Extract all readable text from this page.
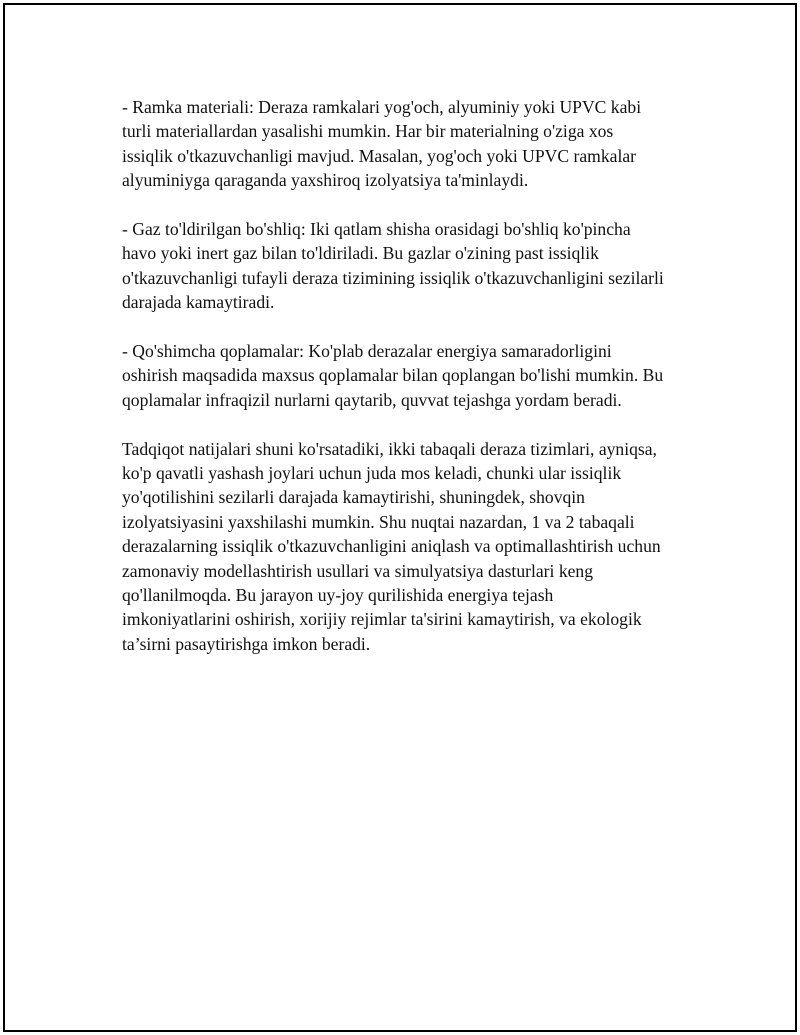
- Ramka materiali: Deraza ramkalari yog'och, alyuminiy yoki UPVC kabi
turli materiallardan yasalishi mumkin. Har bir materialning o'ziga xos
issiqlik o'tkazuvchanligi mavjud. Masalan, yog'och yoki UPVC ramkalar
alyuminiyga qaraganda yaxshiroq izolyatsiya ta'minlaydi.

- Gaz to'ldirilgan bo'shliq: Iki qatlam shisha orasidagi bo'shliq ko'pincha
havo yoki inert gaz bilan to'ldiriladi. Bu gazlar o'zining past issiqlik
o'tkazuvchanligi tufayli deraza tizimining issiqlik o'tkazuvchanligini sezilarli
darajada kamaytiradi.

- Qo'shimcha qoplamalar: Ko'plab derazalar energiya samaradorligini
oshirish maqsadida maxsus qoplamalar bilan qoplangan bo'lishi mumkin. Bu
qoplamalar infraqizil nurlarni qaytarib, quvvat tejashga yordam beradi.

Tadqiqot natijalari shuni ko'rsatadiki, ikki tabaqali deraza tizimlari, ayniqsa,
ko'p qavatli yashash joylari uchun juda mos keladi, chunki ular issiqlik
yo'qotilishini sezilarli darajada kamaytirishi, shuningdek, shovqin
izolyatsiyasini yaxshilashi mumkin. Shu nuqtai nazardan, 1 va 2 tabaqali
derazalarning issiqlik o'tkazuvchanligini aniqlash va optimallashtirish uchun
zamonaviy modellashtirish usullari va simulyatsiya dasturlari keng
qo'llanilmoqda. Bu jarayon uy-joy qurilishida energiya tejash
imkoniyatlarini oshirish, xorijiy rejimlar ta'sirini kamaytirish, va ekologik
ta’sirni pasaytirishga imkon beradi.
